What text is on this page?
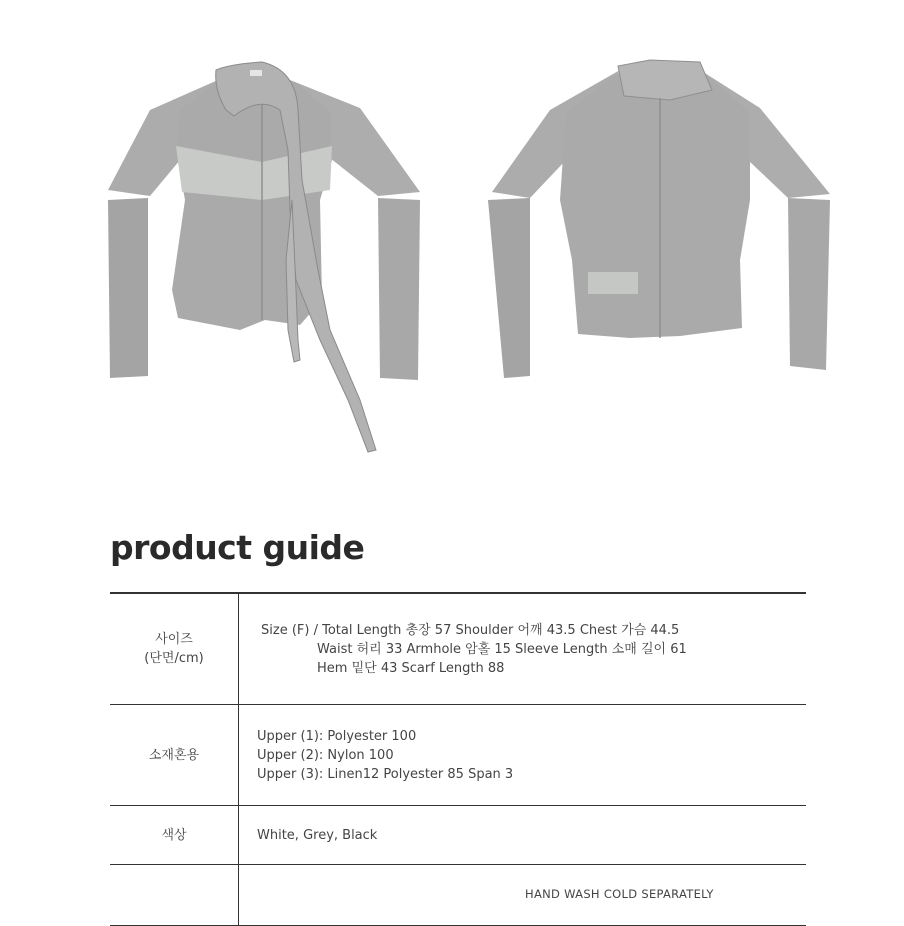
product guide
사이즈
(단면/cm)	Size (F) / Total Length 총장 57 Shoulder 어깨 43.5 Chest 가슴 44.5
Waist 허리 33 Armhole 암홀 15 Sleeve Length 소매 길이 61
Hem 밑단 43 Scarf Length 88

소재혼용	Upper (1): Polyester 100
Upper (2): Nylon 100
Upper (3): Linen12 Polyester 85 Span 3

색상	White, Grey, Black

	HAND WASH COLD SEPARATELY
